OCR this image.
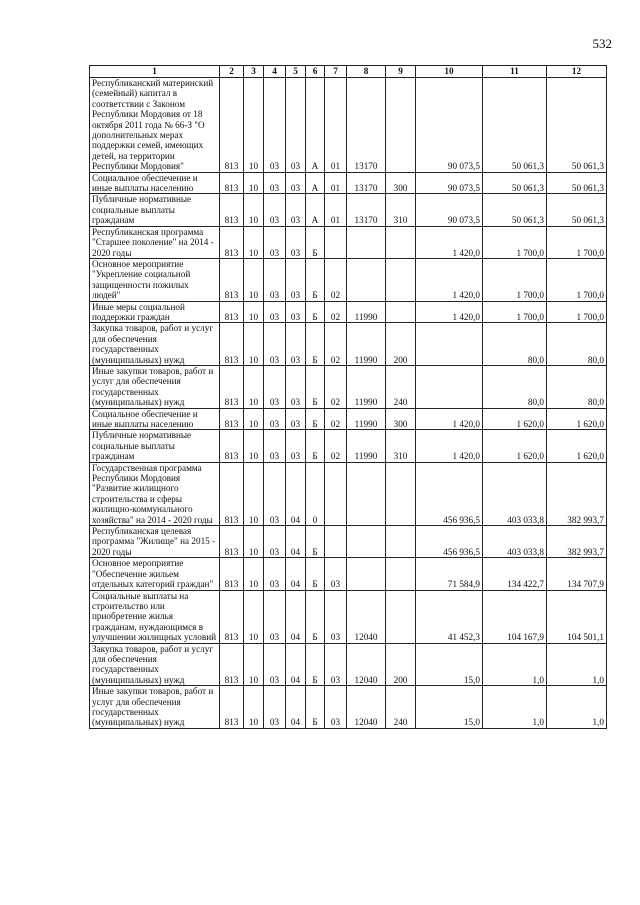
532
1	2	3	4	5	6	7	8	9	10	11	12
Республиканский материнский (семейный) капитал в соответствии с Законом Республики Мордовия от 18 октября 2011 года № 66-З "О дополнительных мерах поддержки семей, имеющих детей, на территории Республики Мордовия"	813	10	03	03	А	01	13170		90 073,5	50 061,3	50 061,3
Социальное обеспечение и иные выплаты населению	813	10	03	03	А	01	13170	300	90 073,5	50 061,3	50 061,3
Публичные нормативные социальные выплаты гражданам	813	10	03	03	А	01	13170	310	90 073,5	50 061,3	50 061,3
Республиканская программа "Старшее поколение" на 2014 - 2020 годы	813	10	03	03	Б				1 420,0	1 700,0	1 700,0
Основное мероприятие "Укрепление социальной защищенности пожилых людей"	813	10	03	03	Б	02			1 420,0	1 700,0	1 700,0
Иные меры социальной поддержки граждан	813	10	03	03	Б	02	11990		1 420,0	1 700,0	1 700,0
Закупка товаров, работ и услуг для обеспечения государственных (муниципальных) нужд	813	10	03	03	Б	02	11990	200		80,0	80,0
Иные закупки товаров, работ и услуг для обеспечения государственных (муниципальных) нужд	813	10	03	03	Б	02	11990	240		80,0	80,0
Социальное обеспечение и иные выплаты населению	813	10	03	03	Б	02	11990	300	1 420,0	1 620,0	1 620,0
Публичные нормативные социальные выплаты гражданам	813	10	03	03	Б	02	11990	310	1 420,0	1 620,0	1 620,0
Государственная программа Республики Мордовия "Развитие жилищного строительства и сферы жилищно-коммунального хозяйства" на 2014 - 2020 годы	813	10	03	04	0				456 936,5	403 033,8	382 993,7
Республиканская целевая программа "Жилище" на 2015 - 2020 годы	813	10	03	04	Б				456 936,5	403 033,8	382 993,7
Основное мероприятие "Обеспечение жильем отдельных категорий граждан"	813	10	03	04	Б	03			71 584,9	134 422,7	134 707,9
Социальные выплаты на строительство или приобретение жилья гражданам, нуждающимся в улучшении жилищных условий	813	10	03	04	Б	03	12040		41 452,3	104 167,9	104 501,1
Закупка товаров, работ и услуг для обеспечения государственных (муниципальных) нужд	813	10	03	04	Б	03	12040	200	15,0	1,0	1,0
Иные закупки товаров, работ и услуг для обеспечения государственных (муниципальных) нужд	813	10	03	04	Б	03	12040	240	15,0	1,0	1,0
